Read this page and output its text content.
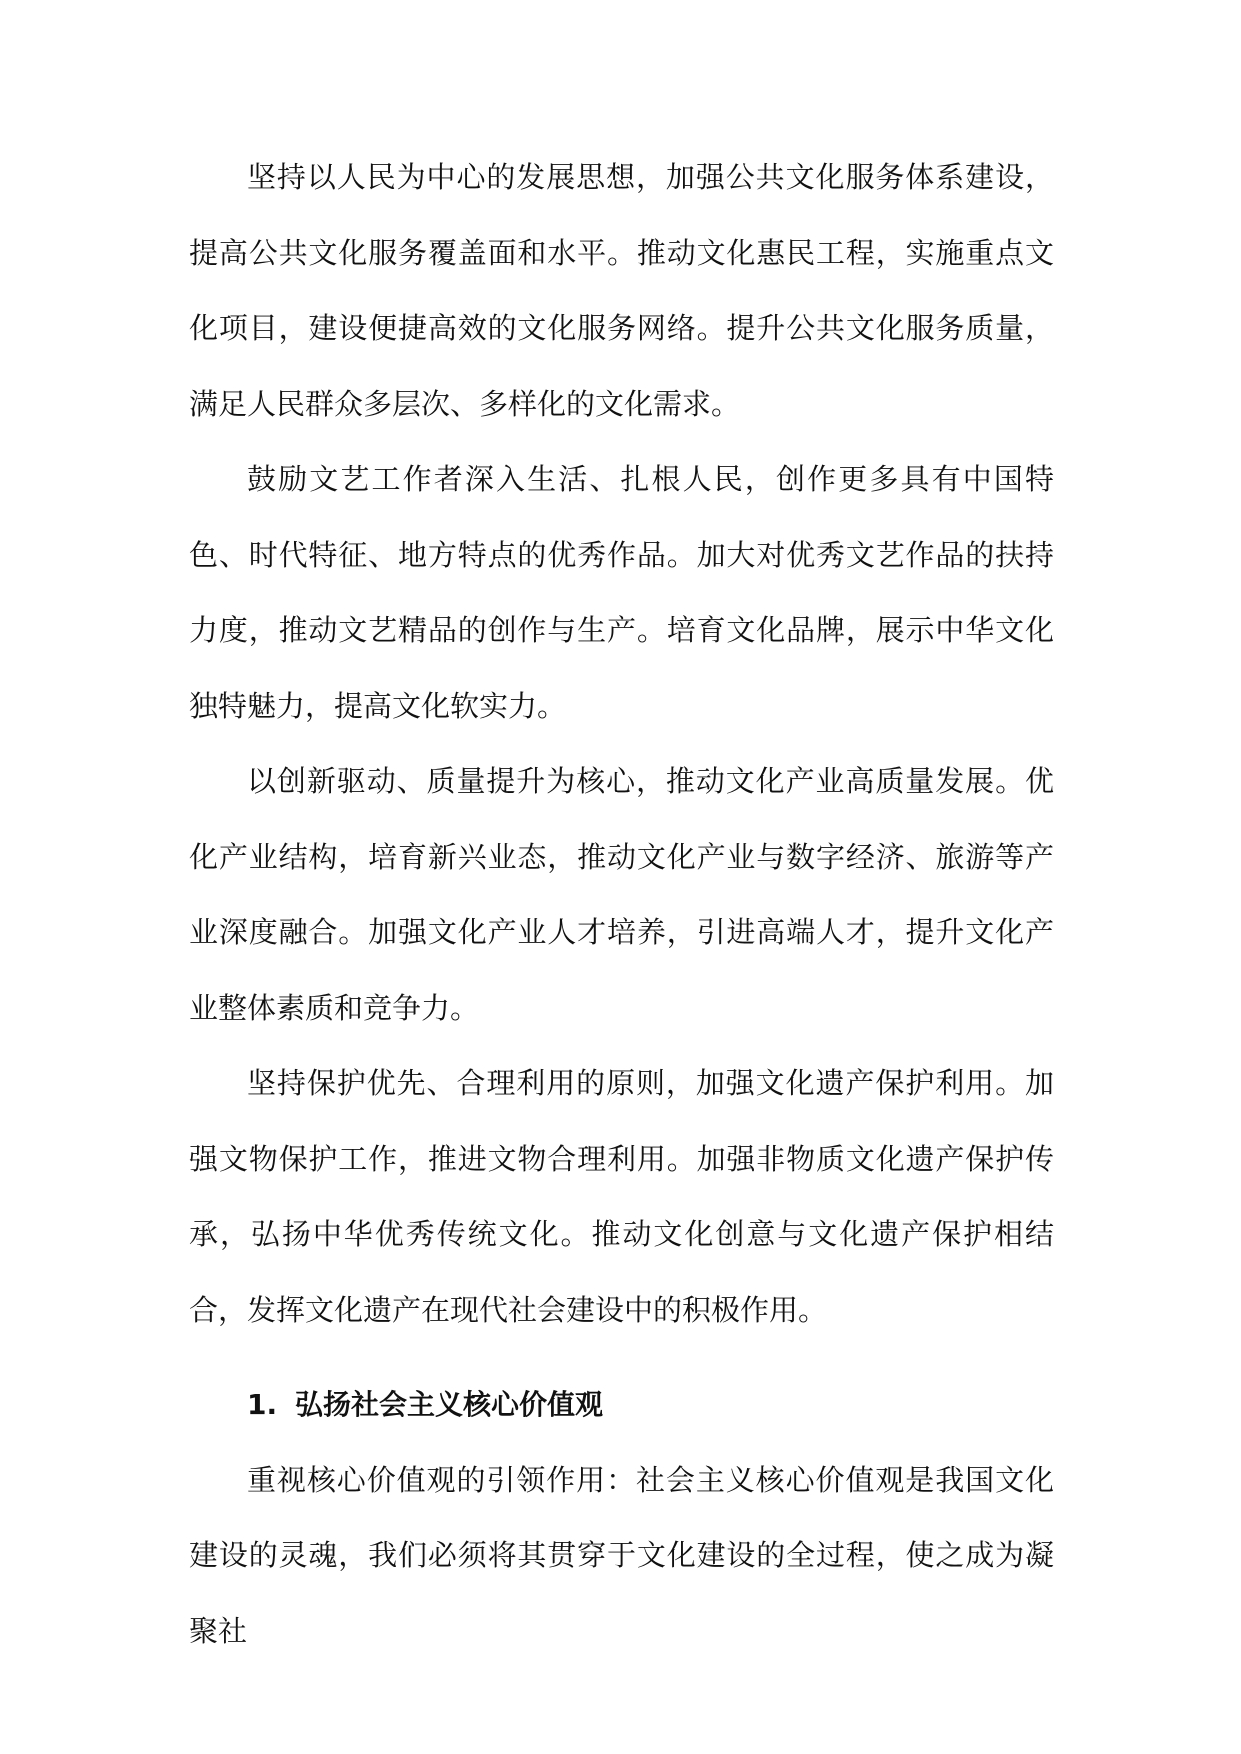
坚持以人民为中心的发展思想，加强公共文化服务体系建设，提高公共文化服务覆盖面和水平。推动文化惠民工程，实施重点文化项目，建设便捷高效的文化服务网络。提升公共文化服务质量，满足人民群众多层次、多样化的文化需求。

鼓励文艺工作者深入生活、扎根人民，创作更多具有中国特色、时代特征、地方特点的优秀作品。加大对优秀文艺作品的扶持力度，推动文艺精品的创作与生产。培育文化品牌，展示中华文化独特魅力，提高文化软实力。

以创新驱动、质量提升为核心，推动文化产业高质量发展。优化产业结构，培育新兴业态，推动文化产业与数字经济、旅游等产业深度融合。加强文化产业人才培养，引进高端人才，提升文化产业整体素质和竞争力。

坚持保护优先、合理利用的原则，加强文化遗产保护利用。加强文物保护工作，推进文物合理利用。加强非物质文化遗产保护传承，弘扬中华优秀传统文化。推动文化创意与文化遗产保护相结合，发挥文化遗产在现代社会建设中的积极作用。

1. 弘扬社会主义核心价值观

重视核心价值观的引领作用：社会主义核心价值观是我国文化建设的灵魂，我们必须将其贯穿于文化建设的全过程，使之成为凝聚社
